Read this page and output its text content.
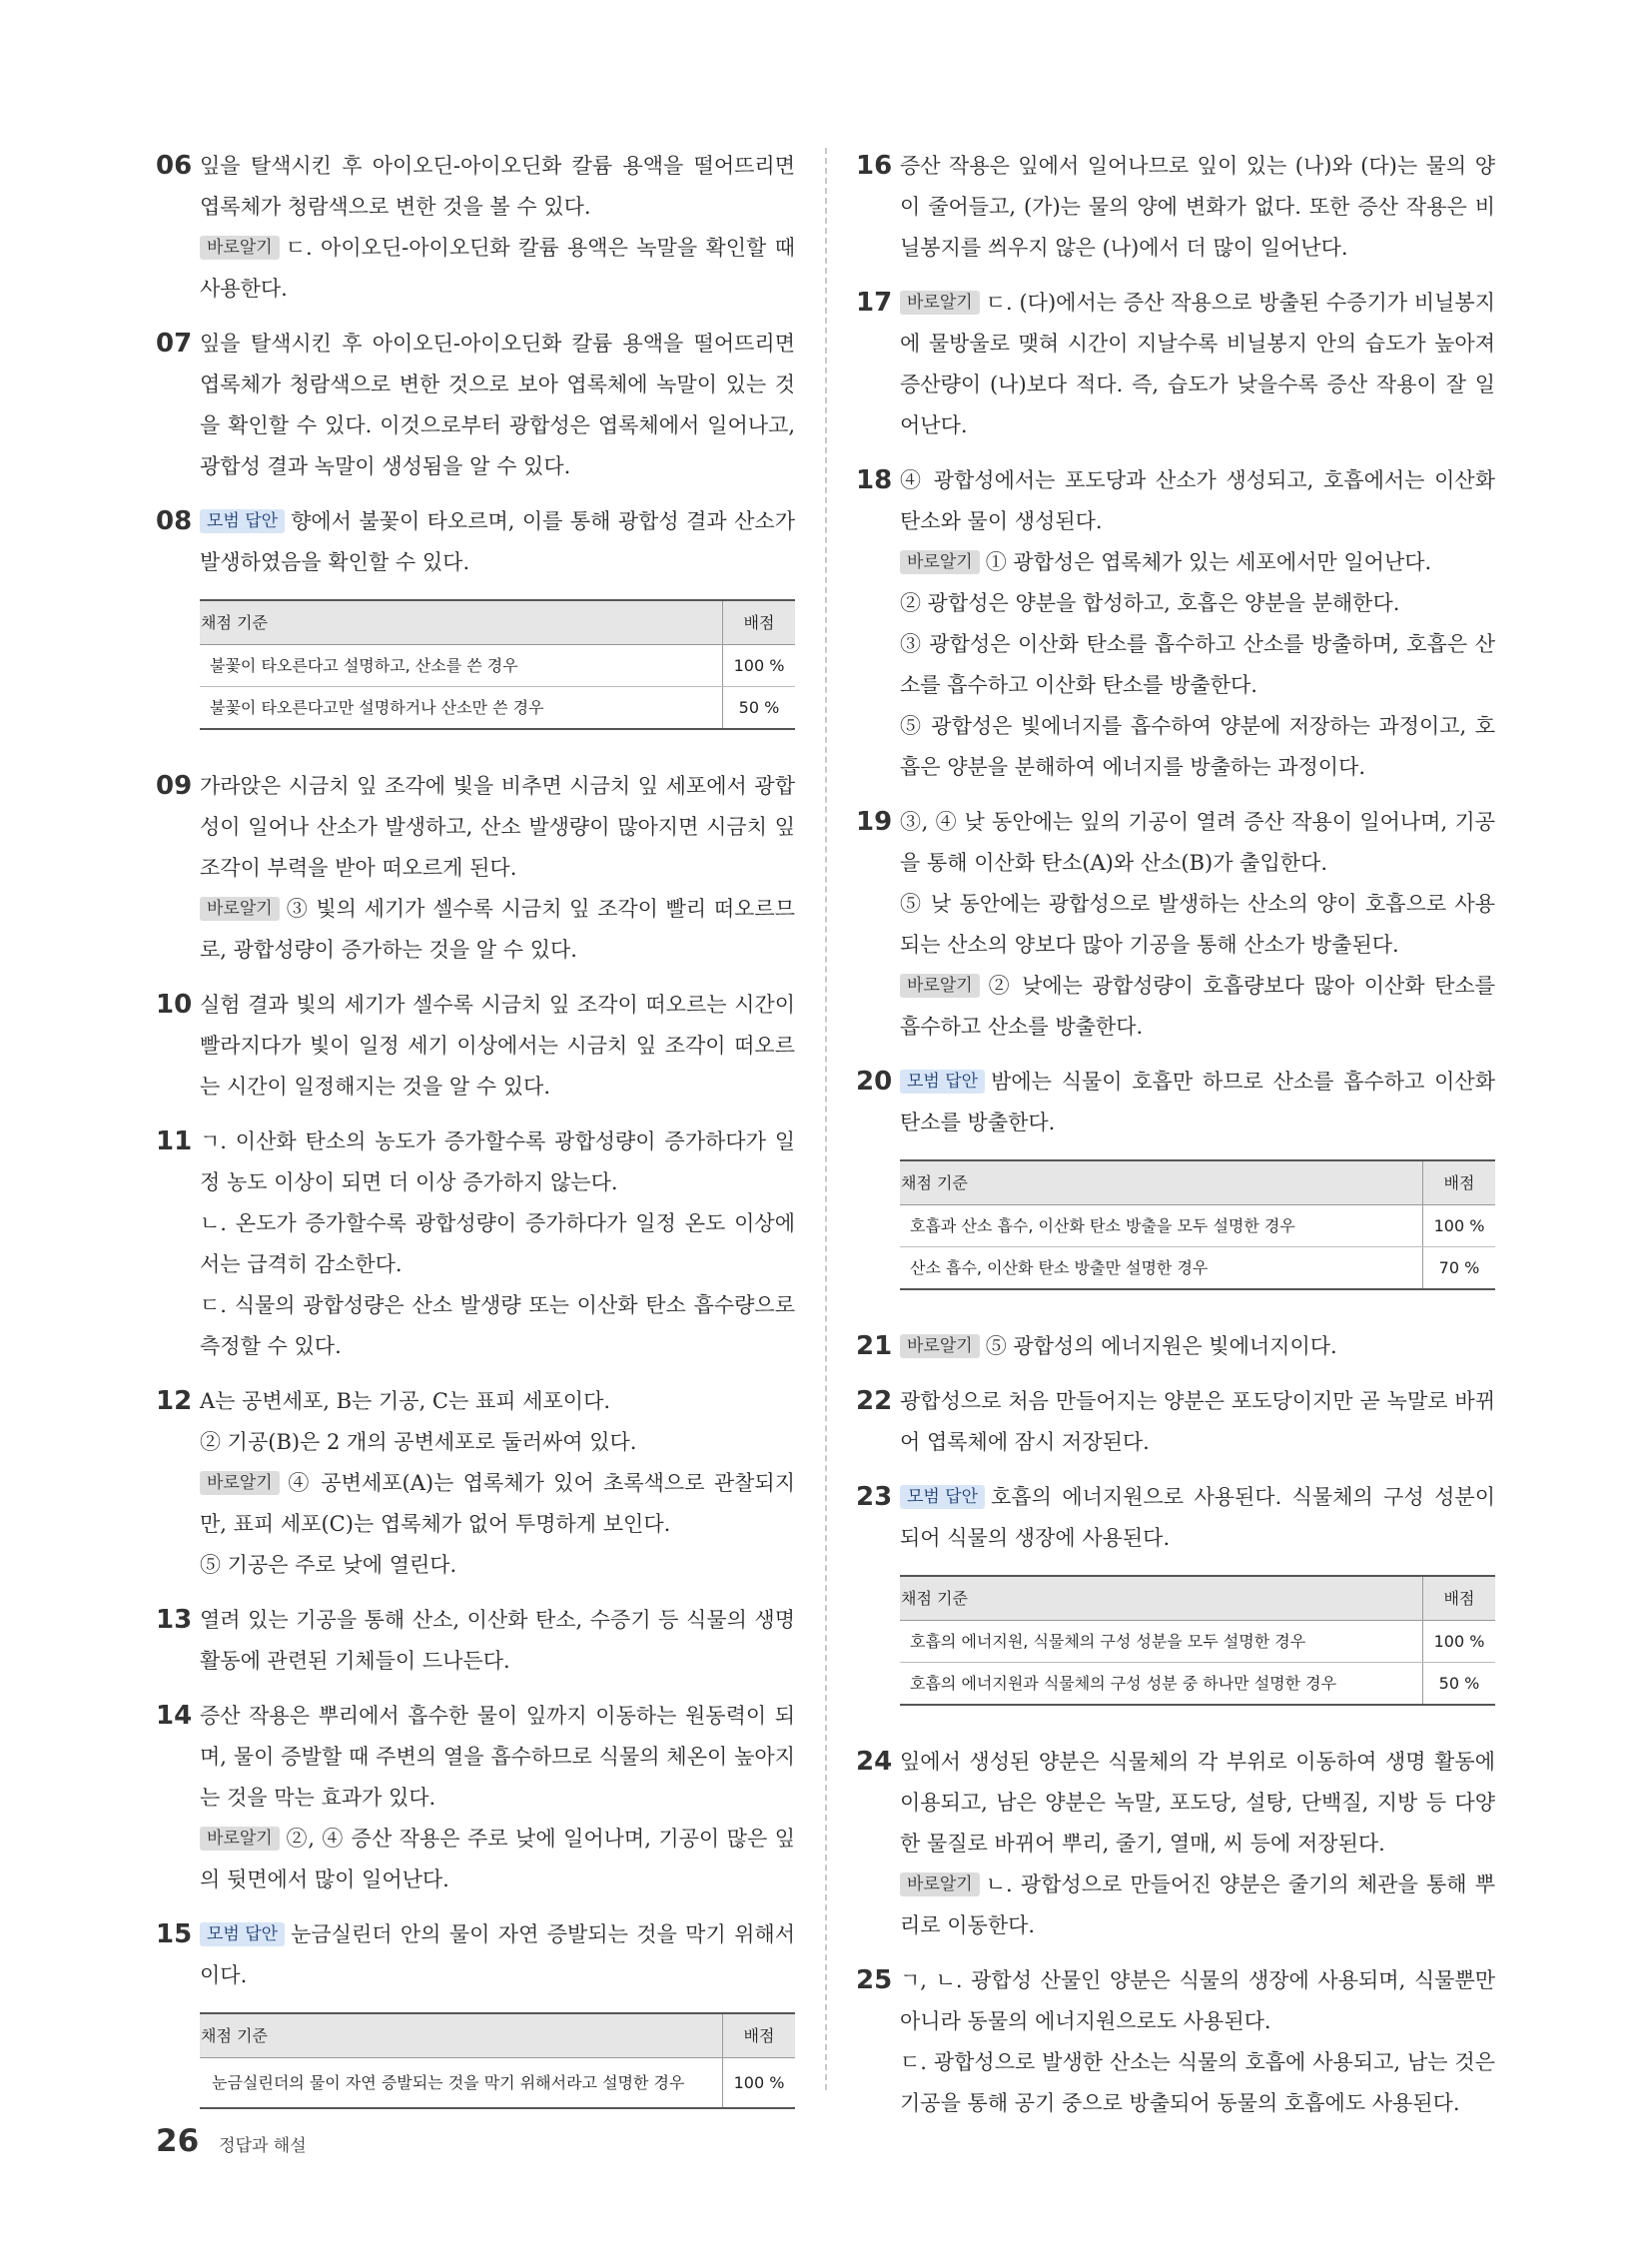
06 잎을 탈색시킨 후 아이오딘-아이오딘화 칼륨 용액을 떨어뜨리면 엽록체가 청람색으로 변한 것을 볼 수 있다.

바로알기 ㄷ. 아이오딘-아이오딘화 칼륨 용액은 녹말을 확인할 때 사용한다.

07 잎을 탈색시킨 후 아이오딘-아이오딘화 칼륨 용액을 떨어뜨리면 엽록체가 청람색으로 변한 것으로 보아 엽록체에 녹말이 있는 것을 확인할 수 있다. 이것으로부터 광합성은 엽록체에서 일어나고, 광합성 결과 녹말이 생성됨을 알 수 있다.

08 모범 답안 향에서 불꽃이 타오르며, 이를 통해 광합성 결과 산소가 발생하였음을 확인할 수 있다.

채점 기준	배점
불꽃이 타오른다고 설명하고, 산소를 쓴 경우	100 %
불꽃이 타오른다고만 설명하거나 산소만 쓴 경우	50 %
09 가라앉은 시금치 잎 조각에 빛을 비추면 시금치 잎 세포에서 광합성이 일어나 산소가 발생하고, 산소 발생량이 많아지면 시금치 잎 조각이 부력을 받아 떠오르게 된다.

바로알기 ③ 빛의 세기가 셀수록 시금치 잎 조각이 빨리 떠오르므로, 광합성량이 증가하는 것을 알 수 있다.

10 실험 결과 빛의 세기가 셀수록 시금치 잎 조각이 떠오르는 시간이 빨라지다가 빛이 일정 세기 이상에서는 시금치 잎 조각이 떠오르는 시간이 일정해지는 것을 알 수 있다.

11 ㄱ. 이산화 탄소의 농도가 증가할수록 광합성량이 증가하다가 일정 농도 이상이 되면 더 이상 증가하지 않는다.

ㄴ. 온도가 증가할수록 광합성량이 증가하다가 일정 온도 이상에서는 급격히 감소한다.

ㄷ. 식물의 광합성량은 산소 발생량 또는 이산화 탄소 흡수량으로 측정할 수 있다.

12 A는 공변세포, B는 기공, C는 표피 세포이다.

② 기공(B)은 2 개의 공변세포로 둘러싸여 있다.

바로알기 ④ 공변세포(A)는 엽록체가 있어 초록색으로 관찰되지만, 표피 세포(C)는 엽록체가 없어 투명하게 보인다.

⑤ 기공은 주로 낮에 열린다.

13 열려 있는 기공을 통해 산소, 이산화 탄소, 수증기 등 식물의 생명 활동에 관련된 기체들이 드나든다.

14 증산 작용은 뿌리에서 흡수한 물이 잎까지 이동하는 원동력이 되며, 물이 증발할 때 주변의 열을 흡수하므로 식물의 체온이 높아지는 것을 막는 효과가 있다.

바로알기 ②, ④ 증산 작용은 주로 낮에 일어나며, 기공이 많은 잎의 뒷면에서 많이 일어난다.

15 모범 답안 눈금실린더 안의 물이 자연 증발되는 것을 막기 위해서이다.

채점 기준	배점
눈금실린더의 물이 자연 증발되는 것을 막기 위해서라고 설명한 경우	100 %
16 증산 작용은 잎에서 일어나므로 잎이 있는 (나)와 (다)는 물의 양이 줄어들고, (가)는 물의 양에 변화가 없다. 또한 증산 작용은 비닐봉지를 씌우지 않은 (나)에서 더 많이 일어난다.

17 바로알기 ㄷ. (다)에서는 증산 작용으로 방출된 수증기가 비닐봉지에 물방울로 맺혀 시간이 지날수록 비닐봉지 안의 습도가 높아져 증산량이 (나)보다 적다. 즉, 습도가 낮을수록 증산 작용이 잘 일어난다.

18 ④ 광합성에서는 포도당과 산소가 생성되고, 호흡에서는 이산화 탄소와 물이 생성된다.

바로알기 ① 광합성은 엽록체가 있는 세포에서만 일어난다.

② 광합성은 양분을 합성하고, 호흡은 양분을 분해한다.

③ 광합성은 이산화 탄소를 흡수하고 산소를 방출하며, 호흡은 산소를 흡수하고 이산화 탄소를 방출한다.

⑤ 광합성은 빛에너지를 흡수하여 양분에 저장하는 과정이고, 호흡은 양분을 분해하여 에너지를 방출하는 과정이다.

19 ③, ④ 낮 동안에는 잎의 기공이 열려 증산 작용이 일어나며, 기공을 통해 이산화 탄소(A)와 산소(B)가 출입한다.

⑤ 낮 동안에는 광합성으로 발생하는 산소의 양이 호흡으로 사용되는 산소의 양보다 많아 기공을 통해 산소가 방출된다.

바로알기 ② 낮에는 광합성량이 호흡량보다 많아 이산화 탄소를 흡수하고 산소를 방출한다.

20 모범 답안 밤에는 식물이 호흡만 하므로 산소를 흡수하고 이산화 탄소를 방출한다.

채점 기준	배점
호흡과 산소 흡수, 이산화 탄소 방출을 모두 설명한 경우	100 %
산소 흡수, 이산화 탄소 방출만 설명한 경우	70 %
21 바로알기 ⑤ 광합성의 에너지원은 빛에너지이다.

22 광합성으로 처음 만들어지는 양분은 포도당이지만 곧 녹말로 바뀌어 엽록체에 잠시 저장된다.

23 모범 답안 호흡의 에너지원으로 사용된다. 식물체의 구성 성분이 되어 식물의 생장에 사용된다.

채점 기준	배점
호흡의 에너지원, 식물체의 구성 성분을 모두 설명한 경우	100 %
호흡의 에너지원과 식물체의 구성 성분 중 하나만 설명한 경우	50 %
24 잎에서 생성된 양분은 식물체의 각 부위로 이동하여 생명 활동에 이용되고, 남은 양분은 녹말, 포도당, 설탕, 단백질, 지방 등 다양한 물질로 바뀌어 뿌리, 줄기, 열매, 씨 등에 저장된다.

바로알기 ㄴ. 광합성으로 만들어진 양분은 줄기의 체관을 통해 뿌리로 이동한다.

25 ㄱ, ㄴ. 광합성 산물인 양분은 식물의 생장에 사용되며, 식물뿐만 아니라 동물의 에너지원으로도 사용된다.

ㄷ. 광합성으로 발생한 산소는 식물의 호흡에 사용되고, 남는 것은 기공을 통해 공기 중으로 방출되어 동물의 호흡에도 사용된다.

26 정답과 해설
